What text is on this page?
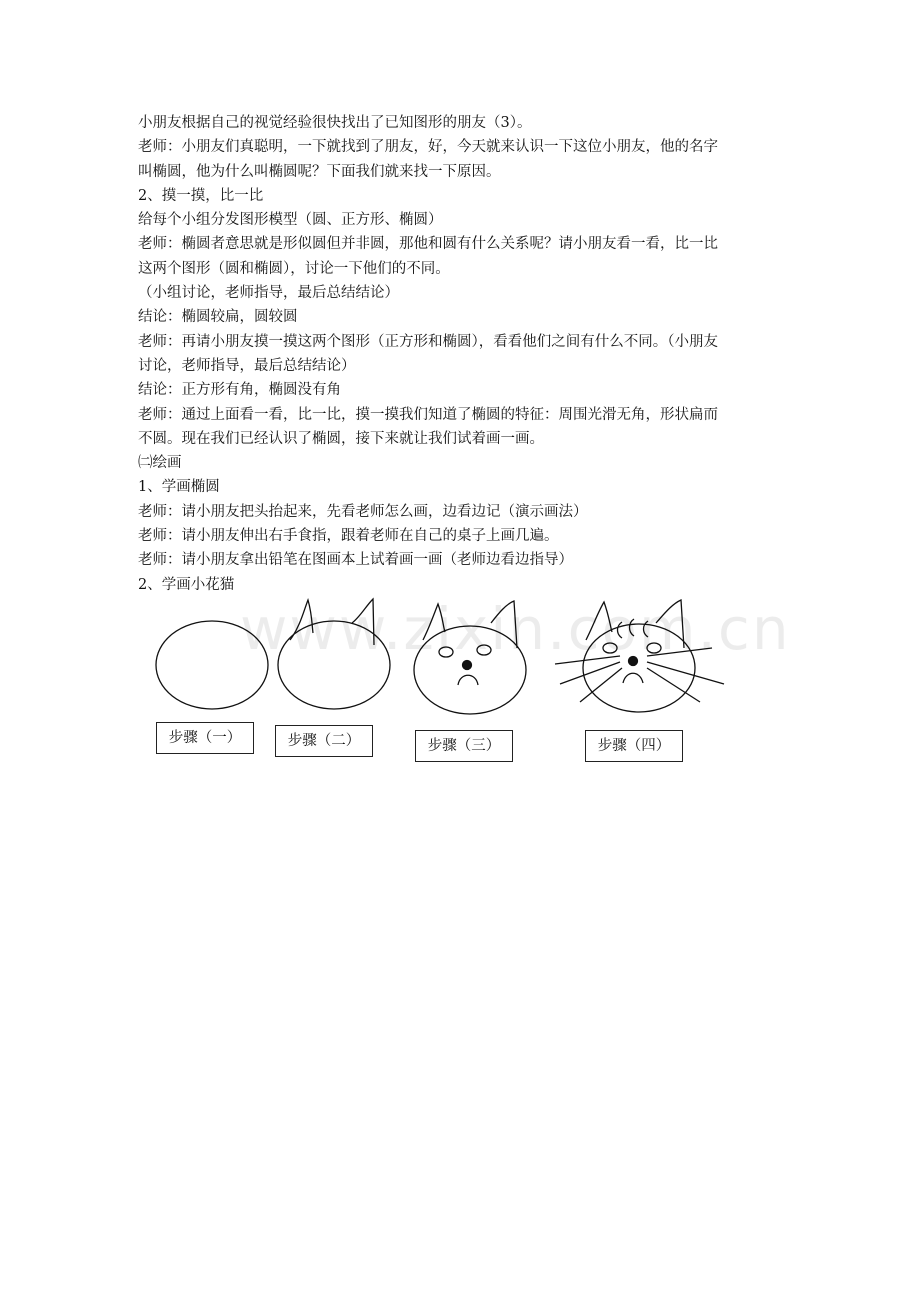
小朋友根据自己的视觉经验很快找出了已知图形的朋友（3）。
老师：小朋友们真聪明，一下就找到了朋友，好，今天就来认识一下这位小朋友，他的名字
叫椭圆，他为什么叫椭圆呢？下面我们就来找一下原因。
2、摸一摸，比一比
给每个小组分发图形模型（圆、正方形、椭圆）
老师：椭圆者意思就是形似圆但并非圆，那他和圆有什么关系呢？请小朋友看一看，比一比
这两个图形（圆和椭圆），讨论一下他们的不同。
（小组讨论，老师指导，最后总结结论）
结论：椭圆较扁，圆较圆
老师：再请小朋友摸一摸这两个图形（正方形和椭圆），看看他们之间有什么不同。（小朋友
讨论，老师指导，最后总结结论）
结论：正方形有角，椭圆没有角
老师：通过上面看一看，比一比，摸一摸我们知道了椭圆的特征：周围光滑无角，形状扁而
不圆。现在我们已经认识了椭圆，接下来就让我们试着画一画。
㈡绘画
1、学画椭圆
老师：请小朋友把头抬起来，先看老师怎么画，边看边记（演示画法）
老师：请小朋友伸出右手食指，跟着老师在自己的桌子上画几遍。
老师：请小朋友拿出铅笔在图画本上试着画一画（老师边看边指导）
2、学画小花猫
步骤（一）	步骤（二）	步骤（三）	步骤（四）
www.zixin.com.cn
